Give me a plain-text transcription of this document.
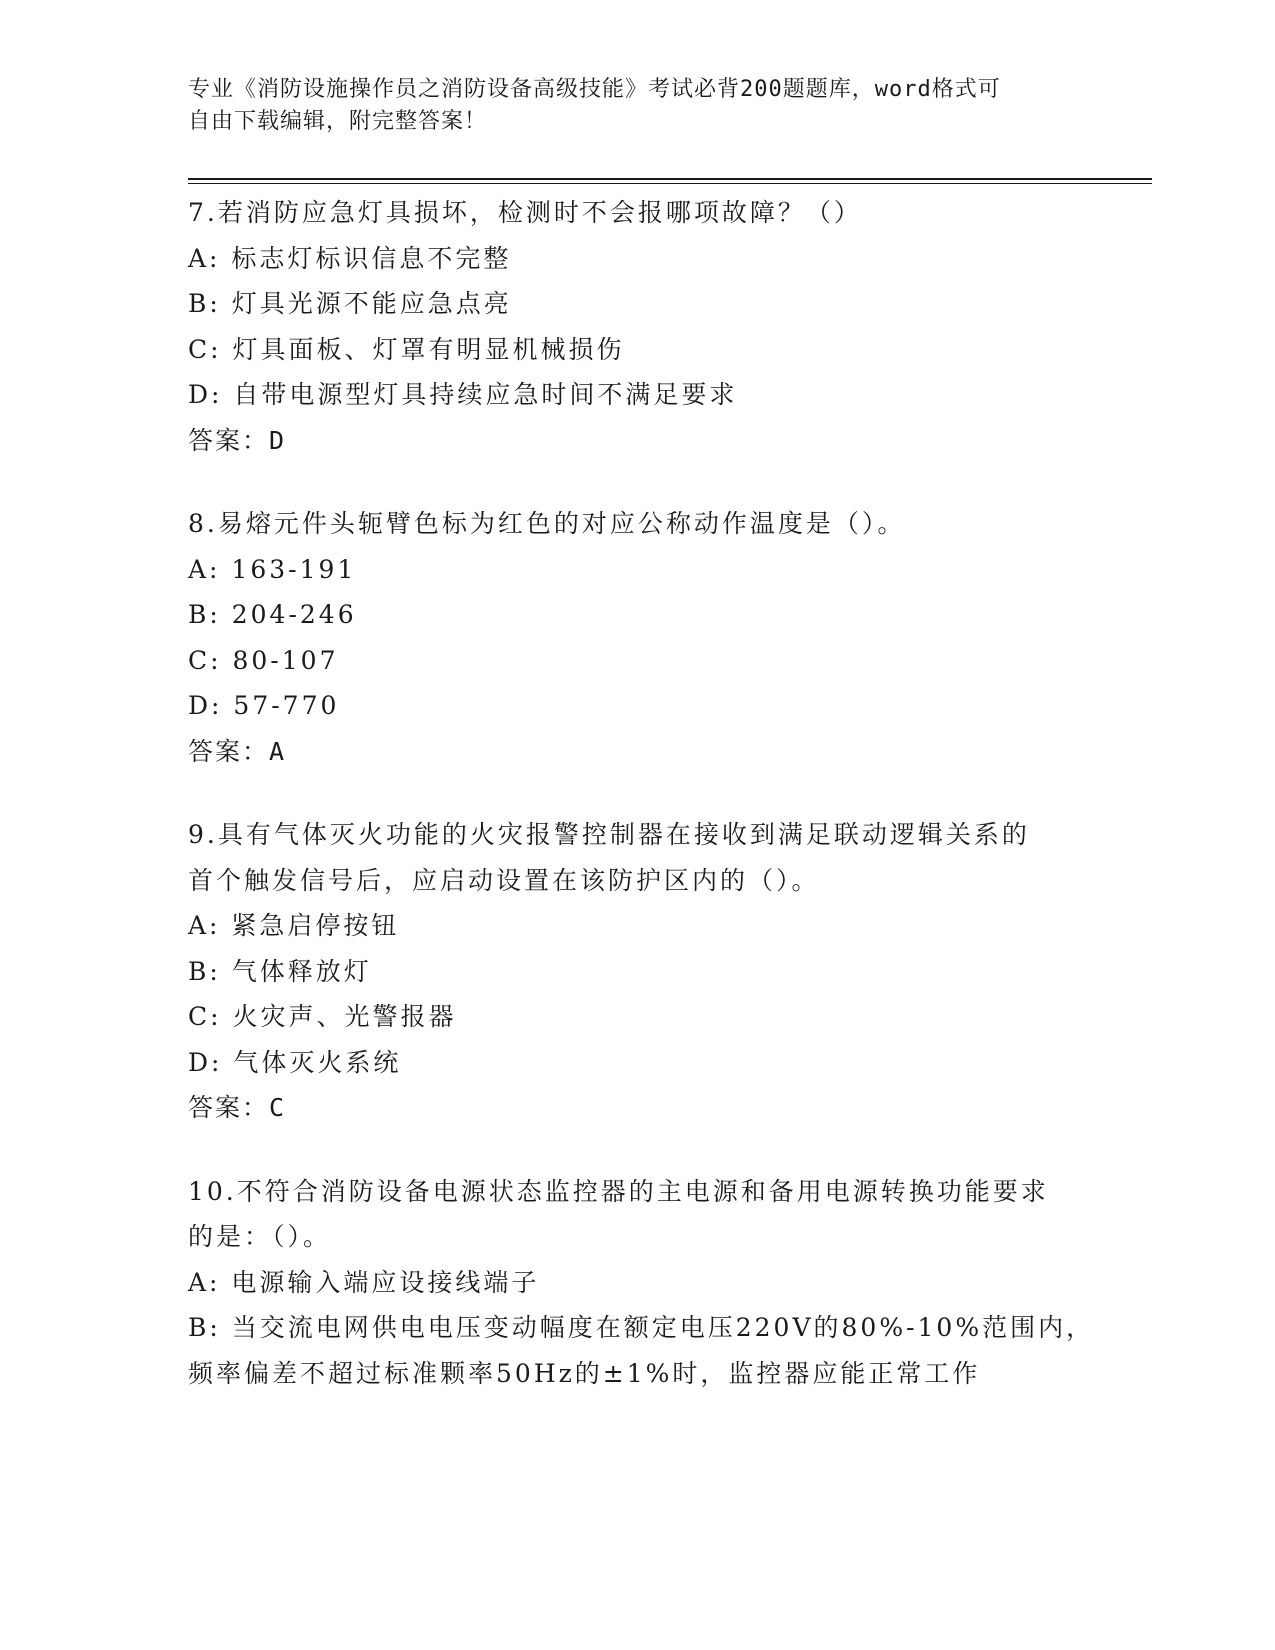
专业《消防设施操作员之消防设备高级技能》考试必背200题题库，word格式可
自由下载编辑，附完整答案！
7.若消防应急灯具损坏，检测时不会报哪项故障？（）
A: 标志灯标识信息不完整
B: 灯具光源不能应急点亮
C: 灯具面板、灯罩有明显机械损伤
D: 自带电源型灯具持续应急时间不满足要求
答案：D
8.易熔元件头轭臂色标为红色的对应公称动作温度是（）。
A: 163-191
B: 204-246
C: 80-107
D: 57-770
答案：A
9.具有气体灭火功能的火灾报警控制器在接收到满足联动逻辑关系的
首个触发信号后，应启动设置在该防护区内的（）。
A: 紧急启停按钮
B: 气体释放灯
C: 火灾声、光警报器
D: 气体灭火系统
答案：C
10.不符合消防设备电源状态监控器的主电源和备用电源转换功能要求
的是：（）。
A: 电源输入端应设接线端子
B: 当交流电网供电电压变动幅度在额定电压220V的80%-10%范围内，
频率偏差不超过标准颗率50Hz的±1%时，监控器应能正常工作
